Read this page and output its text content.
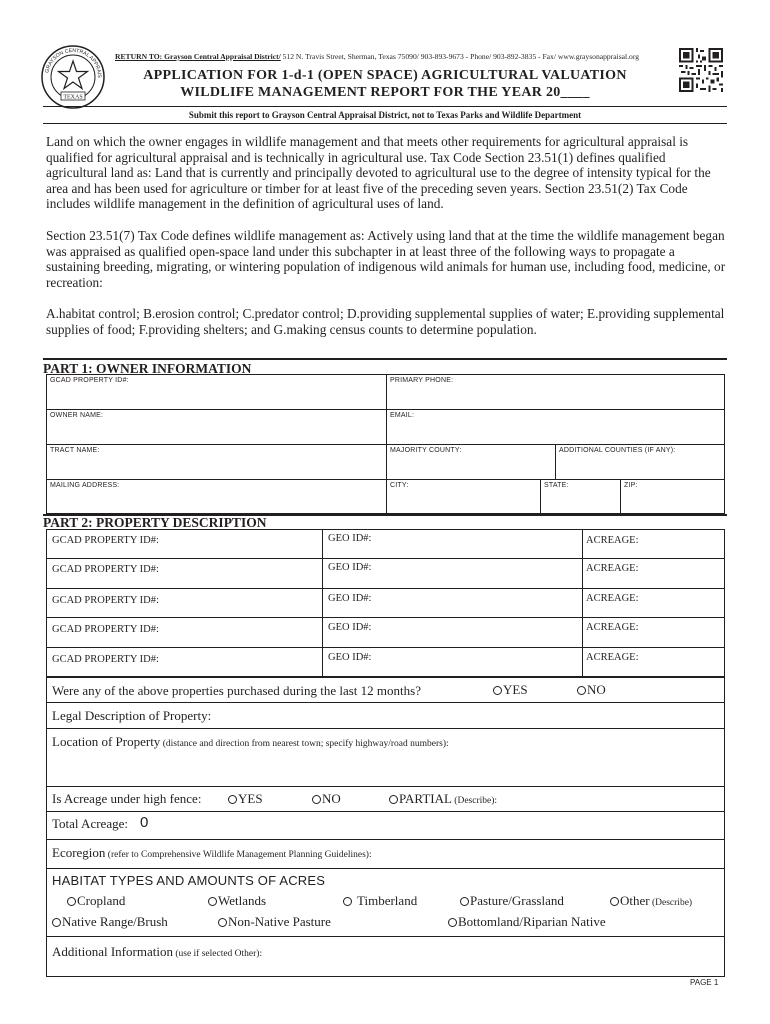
GRAYSON CENTRAL APPRAIS
TEXAS
RETURN TO: Grayson Central Appraisal District/ 512 N. Travis Street, Sherman, Texas 75090/ 903-893-9673 - Phone/ 903-892-3835 - Fax/ www.graysonappraisal.org
APPLICATION FOR 1-d-1 (OPEN SPACE) AGRICULTURAL VALUATION
WILDLIFE MANAGEMENT REPORT FOR THE YEAR 20____
Submit this report to Grayson Central Appraisal District, not to Texas Parks and Wildlife Department
Land on which the owner engages in wildlife management and that meets other requirements for agricultural appraisal is qualified for agricultural appraisal and is technically in agricultural use. Tax Code Section 23.51(1) defines qualified agricultural land as: Land that is currently and principally devoted to agricultural use to the degree of intensity typical for the area and has been used for agriculture or timber for at least five of the preceding seven years. Section 23.51(2) Tax Code includes wildlife management in the definition of agricultural uses of land.
Section 23.51(7) Tax Code defines wildlife management as: Actively using land that at the time the wildlife management began was appraised as qualified open-space land under this subchapter in at least three of the following ways to propagate a sustaining breeding, migrating, or wintering population of indigenous wild animals for human use, including food, medicine, or recreation:
A.habitat control; B.erosion control; C.predator control; D.providing supplemental supplies of water; E.providing supplemental supplies of food; F.providing shelters; and G.making census counts to determine population.
PART 1: OWNER INFORMATION
GCAD PROPERTY ID#:	PRIMARY PHONE:
OWNER NAME:	EMAIL:
TRACT NAME:	MAJORITY COUNTY:	ADDITIONAL COUNTIES (IF ANY):
MAILING ADDRESS:	CITY:	STATE:	ZIP:
PART 2: PROPERTY DESCRIPTION
GCAD PROPERTY ID#:	GEO ID#:	ACREAGE:
GCAD PROPERTY ID#:	GEO ID#:	ACREAGE:
GCAD PROPERTY ID#:	GEO ID#:	ACREAGE:
GCAD PROPERTY ID#:	GEO ID#:	ACREAGE:
GCAD PROPERTY ID#:	GEO ID#:	ACREAGE:
Were any of the above properties purchased during the last 12 months?	YES	NO
Legal Description of Property:
Location of Property (distance and direction from nearest town; specify highway/road numbers):
Is Acreage under high fence:	YES	NO	PARTIAL (Describe):
Total Acreage: 0
Ecoregion (refer to Comprehensive Wildlife Management Planning Guidelines):
HABITAT TYPES AND AMOUNTS OF ACRES
Cropland	Wetlands	Timberland	Pasture/Grassland	Other (Describe)
Native Range/Brush	Non-Native Pasture	Bottomland/Riparian Native
Additional Information (use if selected Other):
PAGE 1
